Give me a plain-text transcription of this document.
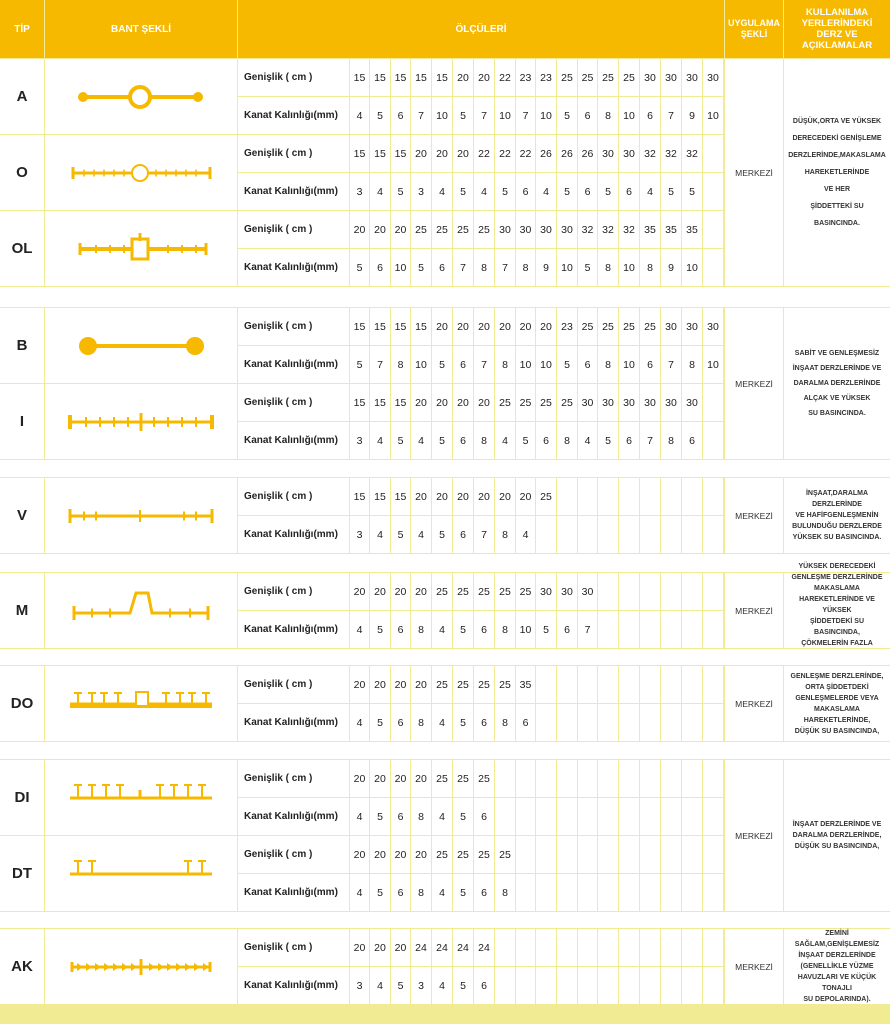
TİP	BANT ŞEKLİ	ÖLÇÜLERİ
UYGULAMA ŞEKLİ
KULLANILMA YERLERİNDEKİ DERZ VE AÇIKLAMALAR
A
Genişlik ( cm )
Kanat Kalınlığı(mm)
15
4
15
5
15
6
15
7
15
10
20
5
20
7
22
10
23
7
23
10
25
5
25
6
25
8
25
10
30
6
30
7
30
9
30
10
O
Genişlik ( cm )
Kanat Kalınlığı(mm)
15
3
15
4
15
5
20
3
20
4
20
5
22
4
22
5
22
6
26
4
26
5
26
6
30
5
30
6
32
4
32
5
32
5
OL
Genişlik ( cm )
Kanat Kalınlığı(mm)
20
5
20
6
20
10
25
5
25
6
25
7
25
8
30
7
30
8
30
9
30
10
32
5
32
8
32
10
35
8
35
9
35
10
MERKEZİ
DÜŞÜK,ORTA VE YÜKSEK
DERECEDEKİ GENİŞLEME
DERZLERİNDE,MAKASLAMA
HAREKETLERİNDE
VE HER
ŞİDDETTEKİ SU
BASINCINDA.
B
Genişlik ( cm )
Kanat Kalınlığı(mm)
15
5
15
7
15
8
15
10
20
5
20
6
20
7
20
8
20
10
20
10
23
5
25
6
25
8
25
10
25
6
30
7
30
8
30
10
I
Genişlik ( cm )
Kanat Kalınlığı(mm)
15
3
15
4
15
5
20
4
20
5
20
6
20
8
25
4
25
5
25
6
25
8
30
4
30
5
30
6
30
7
30
8
30
6
MERKEZİ
SABİT VE GENLEŞMESİZ
İNŞAAT DERZLERİNDE VE
DARALMA DERZLERİNDE
ALÇAK VE YÜKSEK
SU BASINCINDA.
V
Genişlik ( cm )
Kanat Kalınlığı(mm)
15
3
15
4
15
5
20
4
20
5
20
6
20
7
20
8
20
4
25
MERKEZİ
İNŞAAT,DARALMA
DERZLERİNDE
VE HAFİFGENLEŞMENİN
BULUNDUĞU DERZLERDE
YÜKSEK SU BASINCINDA.
M
Genişlik ( cm )
Kanat Kalınlığı(mm)
20
4
20
5
20
6
20
8
25
4
25
5
25
6
25
8
25
10
30
5
30
6
30
7
MERKEZİ
YÜKSEK DERECEDEKİ
GENLEŞME DERZLERİNDE
MAKASLAMA
HAREKETLERİNDE VE YÜKSEK
ŞİDDETDEKİ SU BASINCINDA,
ÇÖKMELERİN FAZLA
DO
Genişlik ( cm )
Kanat Kalınlığı(mm)
20
4
20
5
20
6
20
8
25
4
25
5
25
6
25
8
35
6
MERKEZİ
GENLEŞME DERZLERİNDE,
ORTA ŞİDDETDEKİ
GENLEŞMELERDE VEYA
MAKASLAMA HAREKETLERİNDE,
DÜŞÜK SU BASINCINDA,
DI
Genişlik ( cm )
Kanat Kalınlığı(mm)
20
4
20
5
20
6
20
8
25
4
25
5
25
6
DT
Genişlik ( cm )
Kanat Kalınlığı(mm)
20
4
20
5
20
6
20
8
25
4
25
5
25
6
25
8
MERKEZİ
İNŞAAT DERZLERİNDE VE
DARALMA DERZLERİNDE,
DÜŞÜK SU BASINCINDA,
AK
Genişlik ( cm )
Kanat Kalınlığı(mm)
20
3
20
4
20
5
24
3
24
4
24
5
24
6
MERKEZİ
ZEMİNİ SAĞLAM,GENİŞLEMESİZ
İNŞAAT DERZLERİNDE
(GENELLİKLE YÜZME
HAVUZLARI VE KÜÇÜK TONAJLI
SU DEPOLARINDA).
